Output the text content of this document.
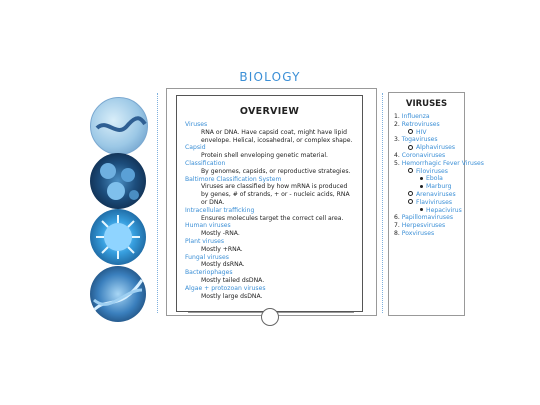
BIOLOGY
OVERVIEW
Viruses
RNA or DNA. Have capsid coat, might have lipid envelope. Helical, icosahedral, or complex shape.
Capsid
Protein shell enveloping genetic material.
Classification
By genomes, capsids, or reproductive strategies.
Baltimore Classification System
Viruses are classified by how mRNA is produced by genes, # of strands, + or - nucleic acids, RNA or DNA.
Intracellular trafficking
Ensures molecules target the correct cell area.
Human viruses
Mostly -RNA.
Plant viruses
Mostly +RNA.
Fungal viruses
Mostly dsRNA.
Bacteriophages
Mostly tailed dsDNA.
Algae + protozoan viruses
Mostly large dsDNA.
VIRUSES
1. Influenza
2. Retroviruses
HIV
3. Togaviruses
Alphaviruses
4. Coronaviruses
5. Hemorrhagic Fever Viruses
Filoviruses
Ebola
Marburg
Arenaviruses
Flaviviruses
Hepacivirus
6. Papillomaviruses
7. Herpesviruses
8. Poxviruses
